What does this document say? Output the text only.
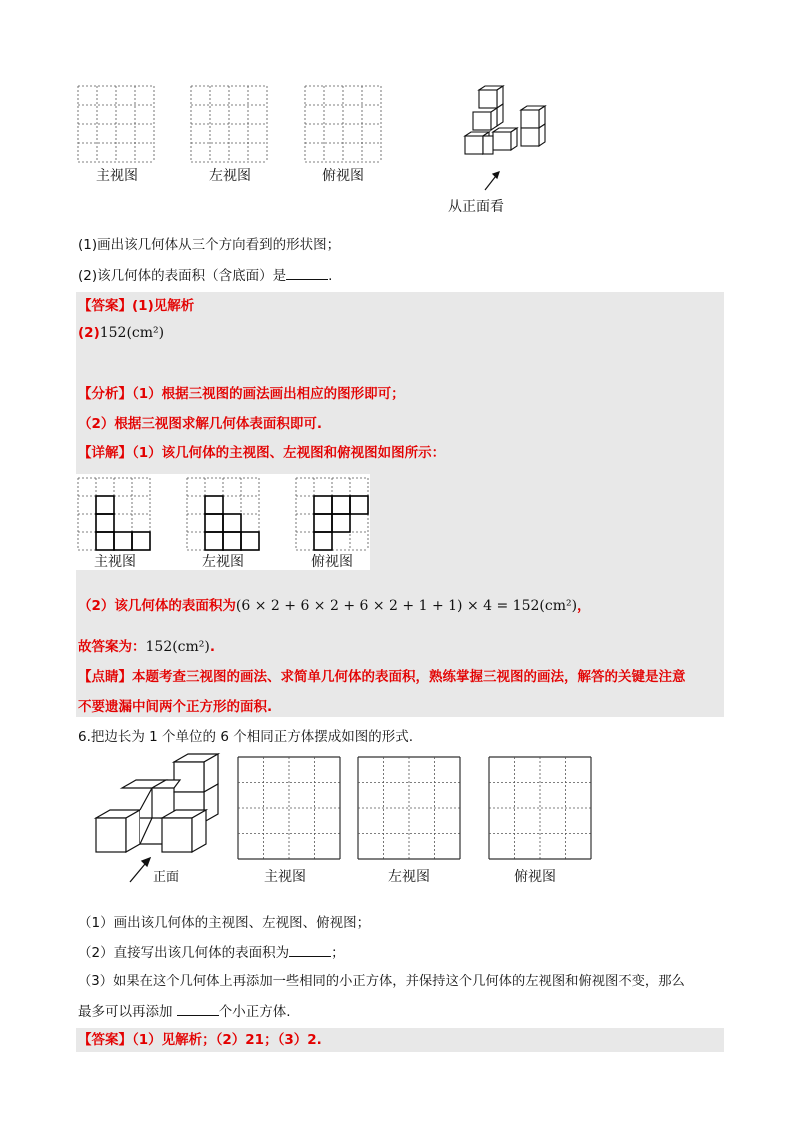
主视图	左视图	俯视图
从正面看
(1)画出该几何体从三个方向看到的形状图；
(2)该几何体的表面积（含底面）是	.
【答案】(1)见解析
(2)152(cm²)
【分析】（1）根据三视图的画法画出相应的图形即可；
（2）根据三视图求解几何体表面积即可.
【详解】（1）该几何体的主视图、左视图和俯视图如图所示：
主视图	左视图	俯视图
（2）该几何体的表面积为(6 × 2 + 6 × 2 + 6 × 2 + 1 + 1) × 4 = 152(cm²)，
故答案为：152(cm²).
【点睛】本题考查三视图的画法、求简单几何体的表面积，熟练掌握三视图的画法，解答的关键是注意
不要遗漏中间两个正方形的面积.
6.把边长为 1 个单位的 6 个相同正方体摆成如图的形式.
正面	主视图	左视图	俯视图
（1）画出该几何体的主视图、左视图、俯视图；
（2）直接写出该几何体的表面积为	；
（3）如果在这个几何体上再添加一些相同的小正方体，并保持这个几何体的左视图和俯视图不变，那么
最多可以再添加	个小正方体.
【答案】（1）见解析；（2）21；（3）2.
